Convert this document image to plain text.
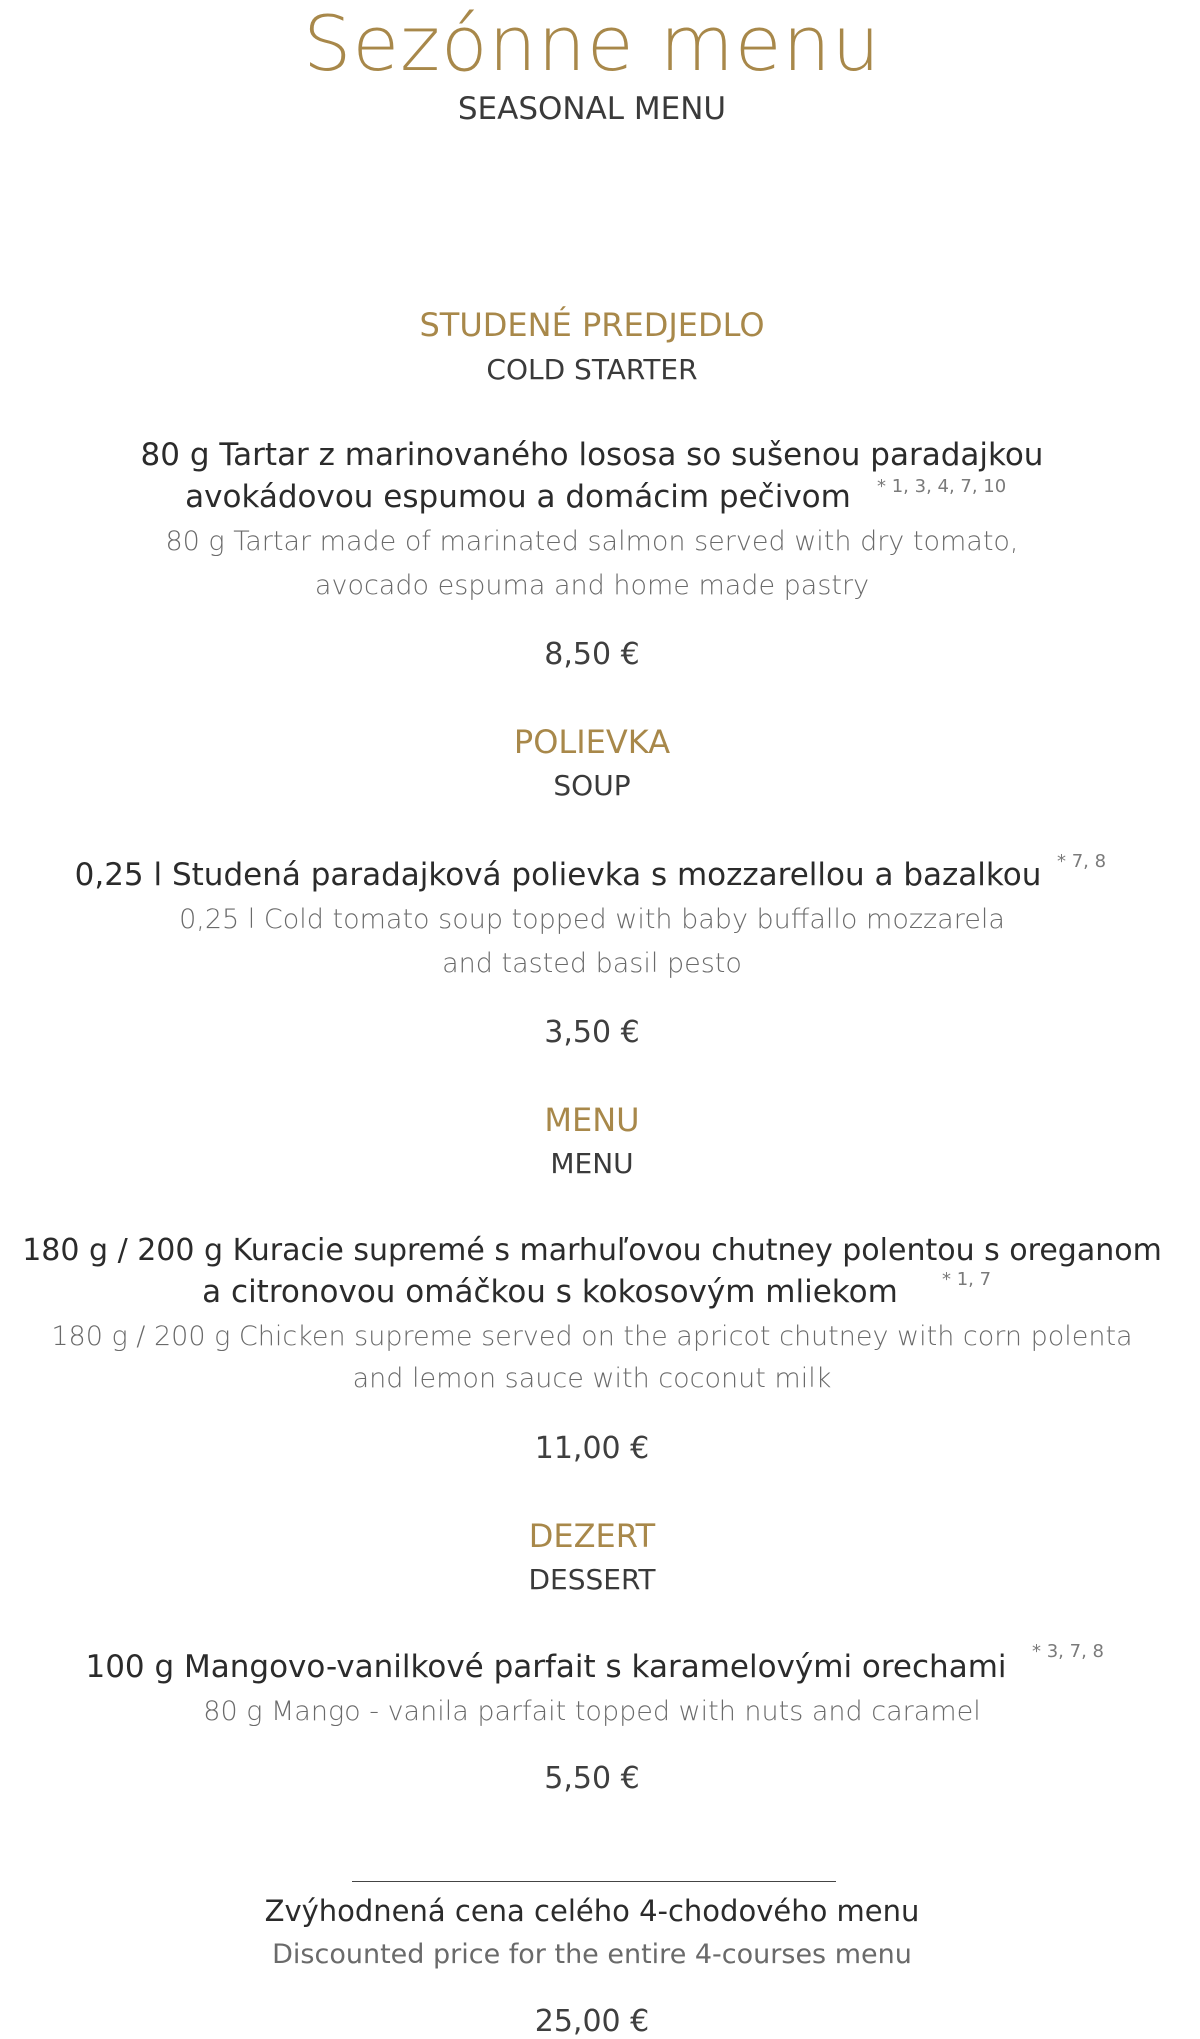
Sezónne menu
SEASONAL MENU
STUDENÉ PREDJEDLO
COLD STARTER
80 g Tartar z marinovaného lososa so sušenou paradajkou
avokádovou espumou a domácim pečivom	* 1, 3, 4, 7, 10
80 g Tartar made of marinated salmon served with dry tomato,
avocado espuma and home made pastry
8,50 €
POLIEVKA
SOUP
0,25 l Studená paradajková polievka s mozzarellou a bazalkou * 7, 8
0,25 l Cold tomato soup topped with baby buffallo mozzarela
and tasted basil pesto
3,50 €
MENU
MENU
180 g / 200 g Kuracie supremé s marhuľovou chutney polentou s oreganom
a citronovou omáčkou s kokosovým mliekom	* 1, 7
180 g / 200 g Chicken supreme served on the apricot chutney with corn polenta
and lemon sauce with coconut milk
11,00 €
DEZERT
DESSERT
100 g Mangovo-vanilkové parfait s karamelovými orechami	* 3, 7, 8
80 g Mango - vanila parfait topped with nuts and caramel
5,50 €
Zvýhodnená cena celého 4-chodového menu
Discounted price for the entire 4-courses menu
25,00 €
